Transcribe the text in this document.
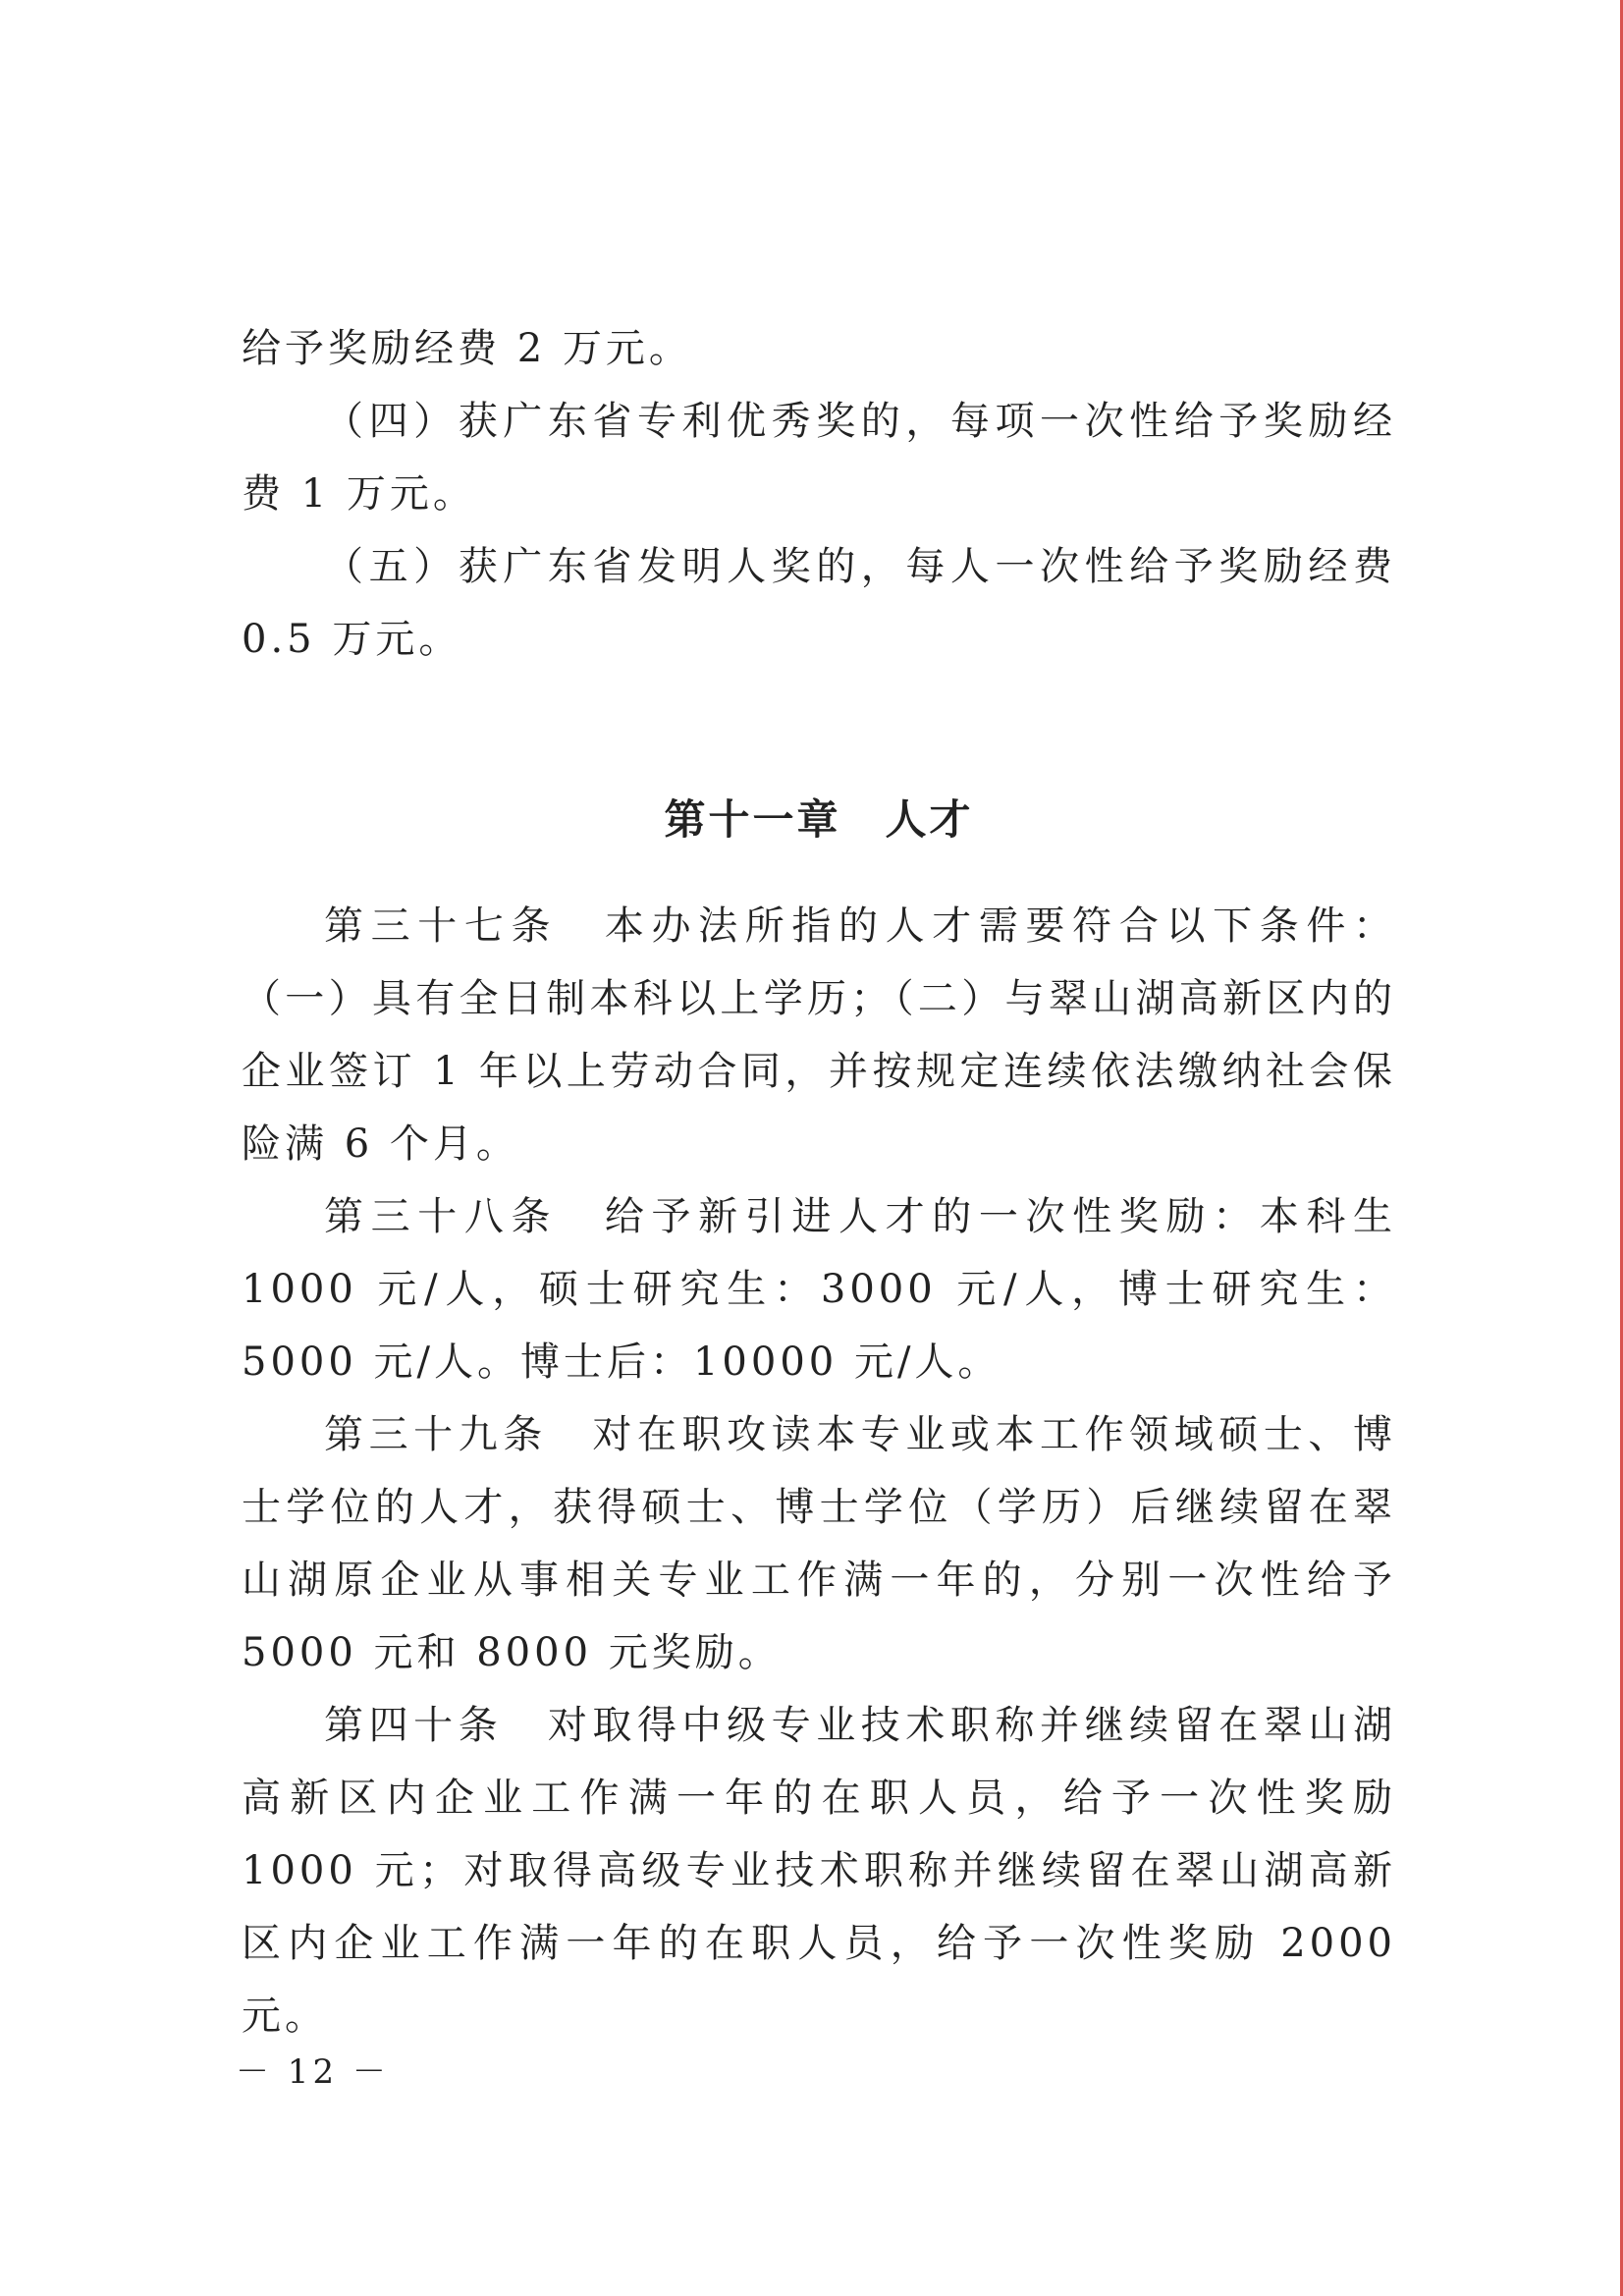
给予奖励经费 2 万元。

（四）获广东省专利优秀奖的，每项一次性给予奖励经费 1 万元。

（五）获广东省发明人奖的，每人一次性给予奖励经费 0.5 万元。

第十一章　人才

第三十七条　本办法所指的人才需要符合以下条件：（一）具有全日制本科以上学历；（二）与翠山湖高新区内的企业签订 1 年以上劳动合同，并按规定连续依法缴纳社会保险满 6 个月。

第三十八条　给予新引进人才的一次性奖励：本科生 1000 元/人，硕士研究生：3000 元/人，博士研究生：5000 元/人。博士后：10000 元/人。

第三十九条　对在职攻读本专业或本工作领域硕士、博士学位的人才，获得硕士、博士学位（学历）后继续留在翠山湖原企业从事相关专业工作满一年的，分别一次性给予 5000 元和 8000 元奖励。

第四十条　对取得中级专业技术职称并继续留在翠山湖高新区内企业工作满一年的在职人员，给予一次性奖励 1000 元；对取得高级专业技术职称并继续留在翠山湖高新区内企业工作满一年的在职人员，给予一次性奖励 2000 元。

－ 12 －
